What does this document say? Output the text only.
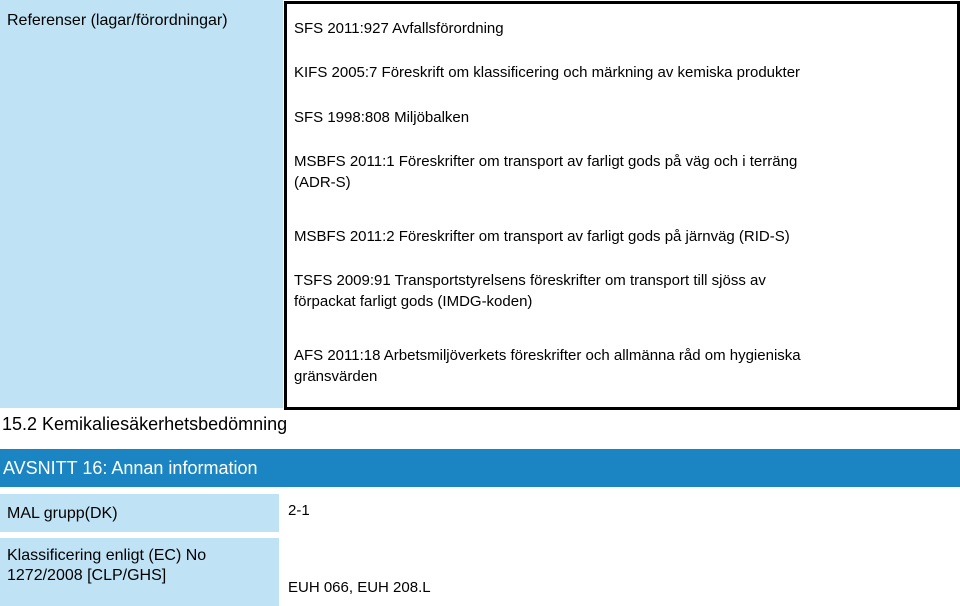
Referenser (lagar/förordningar)	SFS 2011:927 Avfallsförordning
KIFS 2005:7 Föreskrift om klassificering och märkning av kemiska produkter
SFS 1998:808 Miljöbalken
MSBFS 2011:1 Föreskrifter om transport av farligt gods på väg och i terräng
(ADR-S)
MSBFS 2011:2 Föreskrifter om transport av farligt gods på järnväg (RID-S)
TSFS 2009:91 Transportstyrelsens föreskrifter om transport till sjöss av
förpackat farligt gods (IMDG-koden)
AFS 2011:18 Arbetsmiljöverkets föreskrifter och allmänna råd om hygieniska
gränsvärden
15.2 Kemikaliesäkerhetsbedömning
AVSNITT 16: Annan information
MAL grupp(DK)	2-1
Klassificering enligt (EC) No 1272/2008 [CLP/GHS]
EUH 066, EUH 208.L
